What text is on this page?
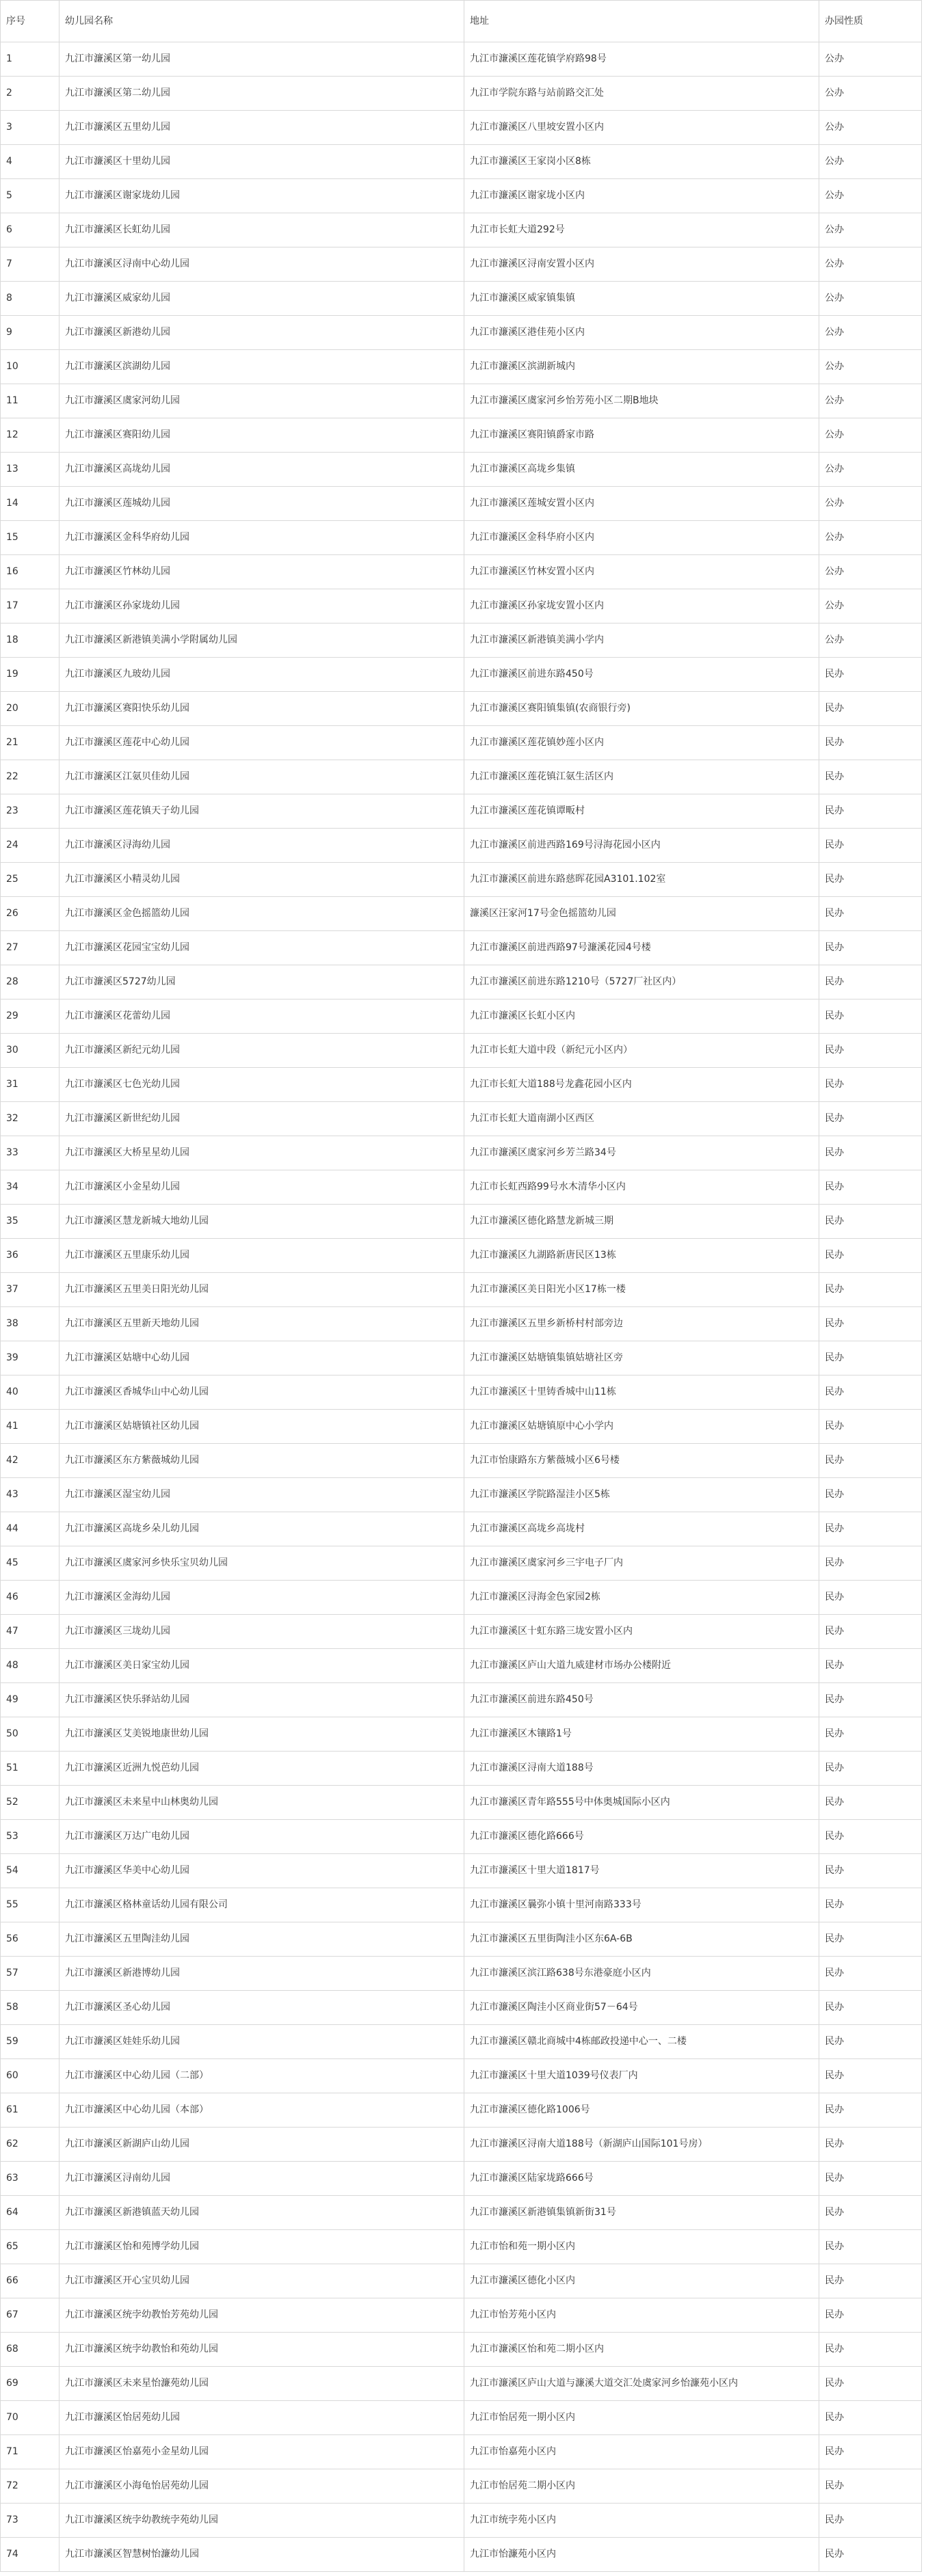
序号	幼儿园名称	地址	办园性质
1	九江市濂溪区第一幼儿园	九江市濂溪区莲花镇学府路98号	公办
2	九江市濂溪区第二幼儿园	九江市学院东路与站前路交汇处	公办
3	九江市濂溪区五里幼儿园	九江市濂溪区八里坡安置小区内	公办
4	九江市濂溪区十里幼儿园	九江市濂溪区王家岗小区8栋	公办
5	九江市濂溪区谢家垅幼儿园	九江市濂溪区谢家垅小区内	公办
6	九江市濂溪区长虹幼儿园	九江市长虹大道292号	公办
7	九江市濂溪区浔南中心幼儿园	九江市濂溪区浔南安置小区内	公办
8	九江市濂溪区威家幼儿园	九江市濂溪区威家镇集镇	公办
9	九江市濂溪区新港幼儿园	九江市濂溪区港佳苑小区内	公办
10	九江市濂溪区滨湖幼儿园	九江市濂溪区滨湖新城内	公办
11	九江市濂溪区虞家河幼儿园	九江市濂溪区虞家河乡怡芳苑小区二期B地块	公办
12	九江市濂溪区赛阳幼儿园	九江市濂溪区赛阳镇爵家市路	公办
13	九江市濂溪区高垅幼儿园	九江市濂溪区高垅乡集镇	公办
14	九江市濂溪区莲城幼儿园	九江市濂溪区莲城安置小区内	公办
15	九江市濂溪区金科华府幼儿园	九江市濂溪区金科华府小区内	公办
16	九江市濂溪区竹林幼儿园	九江市濂溪区竹林安置小区内	公办
17	九江市濂溪区孙家垅幼儿园	九江市濂溪区孙家垅安置小区内	公办
18	九江市濂溪区新港镇美满小学附属幼儿园	九江市濂溪区新港镇美满小学内	公办
19	九江市濂溪区九玻幼儿园	九江市濂溪区前进东路450号	民办
20	九江市濂溪区赛阳快乐幼儿园	九江市濂溪区赛阳镇集镇(农商银行旁)	民办
21	九江市濂溪区莲花中心幼儿园	九江市濂溪区莲花镇妙莲小区内	民办
22	九江市濂溪区江氨贝佳幼儿园	九江市濂溪区莲花镇江氨生活区内	民办
23	九江市濂溪区莲花镇天子幼儿园	九江市濂溪区莲花镇谭畈村	民办
24	九江市濂溪区浔海幼儿园	九江市濂溪区前进西路169号浔海花园小区内	民办
25	九江市濂溪区小精灵幼儿园	九江市濂溪区前进东路慈晖花园A3101.102室	民办
26	九江市濂溪区金色摇篮幼儿园	濂溪区汪家河17号金色摇篮幼儿园	民办
27	九江市濂溪区花园宝宝幼儿园	九江市濂溪区前进西路97号濂溪花园4号楼	民办
28	九江市濂溪区5727幼儿园	九江市濂溪区前进东路1210号（5727厂社区内）	民办
29	九江市濂溪区花蕾幼儿园	九江市濂溪区长虹小区内	民办
30	九江市濂溪区新纪元幼儿园	九江市长虹大道中段（新纪元小区内）	民办
31	九江市濂溪区七色光幼儿园	九江市长虹大道188号龙鑫花园小区内	民办
32	九江市濂溪区新世纪幼儿园	九江市长虹大道南湖小区西区	民办
33	九江市濂溪区大桥星星幼儿园	九江市濂溪区虞家河乡芳兰路34号	民办
34	九江市濂溪区小金星幼儿园	九江市长虹西路99号水木清华小区内	民办
35	九江市濂溪区慧龙新城大地幼儿园	九江市濂溪区德化路慧龙新城三期	民办
36	九江市濂溪区五里康乐幼儿园	九江市濂溪区九湖路新唐民区13栋	民办
37	九江市濂溪区五里美日阳光幼儿园	九江市濂溪区美日阳光小区17栋一楼	民办
38	九江市濂溪区五里新天地幼儿园	九江市濂溪区五里乡新桥村村部旁边	民办
39	九江市濂溪区姑塘中心幼儿园	九江市濂溪区姑塘镇集镇姑塘社区旁	民办
40	九江市濂溪区香城华山中心幼儿园	九江市濂溪区十里铸香城中山11栋	民办
41	九江市濂溪区姑塘镇社区幼儿园	九江市濂溪区姑塘镇原中心小学内	民办
42	九江市濂溪区东方紫薇城幼儿园	九江市怡康路东方紫薇城小区6号楼	民办
43	九江市濂溪区湿宝幼儿园	九江市濂溪区学院路湿洼小区5栋	民办
44	九江市濂溪区高垅乡朵儿幼儿园	九江市濂溪区高垅乡高垅村	民办
45	九江市濂溪区虞家河乡快乐宝贝幼儿园	九江市濂溪区虞家河乡三宇电子厂内	民办
46	九江市濂溪区金海幼儿园	九江市濂溪区浔海金色家园2栋	民办
47	九江市濂溪区三垅幼儿园	九江市濂溪区十虹东路三垅安置小区内	民办
48	九江市濂溪区美日家宝幼儿园	九江市濂溪区庐山大道九威建材市场办公楼附近	民办
49	九江市濂溪区快乐驿站幼儿园	九江市濂溪区前进东路450号	民办
50	九江市濂溪区艾美锐地康世幼儿园	九江市濂溪区木镶路1号	民办
51	九江市濂溪区近洲九悦芭幼儿园	九江市濂溪区浔南大道188号	民办
52	九江市濂溪区未来星中山林奥幼儿园	九江市濂溪区青年路555号中体奥城国际小区内	民办
53	九江市濂溪区万达广电幼儿园	九江市濂溪区德化路666号	民办
54	九江市濂溪区华美中心幼儿园	九江市濂溪区十里大道1817号	民办
55	九江市濂溪区格林童话幼儿园有限公司	九江市濂溪区曩弥小镇十里河南路333号	民办
56	九江市濂溪区五里陶洼幼儿园	九江市濂溪区五里街陶洼小区东6A-6B	民办
57	九江市濂溪区新港博幼儿园	九江市濂溪区滨江路638号东港豪庭小区内	民办
58	九江市濂溪区圣心幼儿园	九江市濂溪区陶洼小区商业街57－64号	民办
59	九江市濂溪区娃娃乐幼儿园	九江市濂溪区赣北商城中4栋邮政投递中心一、二楼	民办
60	九江市濂溪区中心幼儿园（二部）	九江市濂溪区十里大道1039号仪表厂内	民办
61	九江市濂溪区中心幼儿园（本部）	九江市濂溪区德化路1006号	民办
62	九江市濂溪区新湖庐山幼儿园	九江市濂溪区浔南大道188号（新湖庐山国际101号房）	民办
63	九江市濂溪区浔南幼儿园	九江市濂溪区陆家垅路666号	民办
64	九江市濂溪区新港镇蓝天幼儿园	九江市濂溪区新港镇集镇新街31号	民办
65	九江市濂溪区怡和苑博学幼儿园	九江市怡和苑一期小区内	民办
66	九江市濂溪区开心宝贝幼儿园	九江市濂溪区德化小区内	民办
67	九江市濂溪区统孛幼教怡芳苑幼儿园	九江市怡芳苑小区内	民办
68	九江市濂溪区统孛幼教怡和苑幼儿园	九江市濂溪区怡和苑二期小区内	民办
69	九江市濂溪区未来星怡濂苑幼儿园	九江市濂溪区庐山大道与濂溪大道交汇处虞家河乡怡濂苑小区内	民办
70	九江市濂溪区怡居苑幼儿园	九江市怡居苑一期小区内	民办
71	九江市濂溪区怡嘉苑小金星幼儿园	九江市怡嘉苑小区内	民办
72	九江市濂溪区小海龟怡居苑幼儿园	九江市怡居苑二期小区内	民办
73	九江市濂溪区统孛幼教统孛苑幼儿园	九江市统孛苑小区内	民办
74	九江市濂溪区智慧树怡濂幼儿园	九江市怡濂苑小区内	民办
